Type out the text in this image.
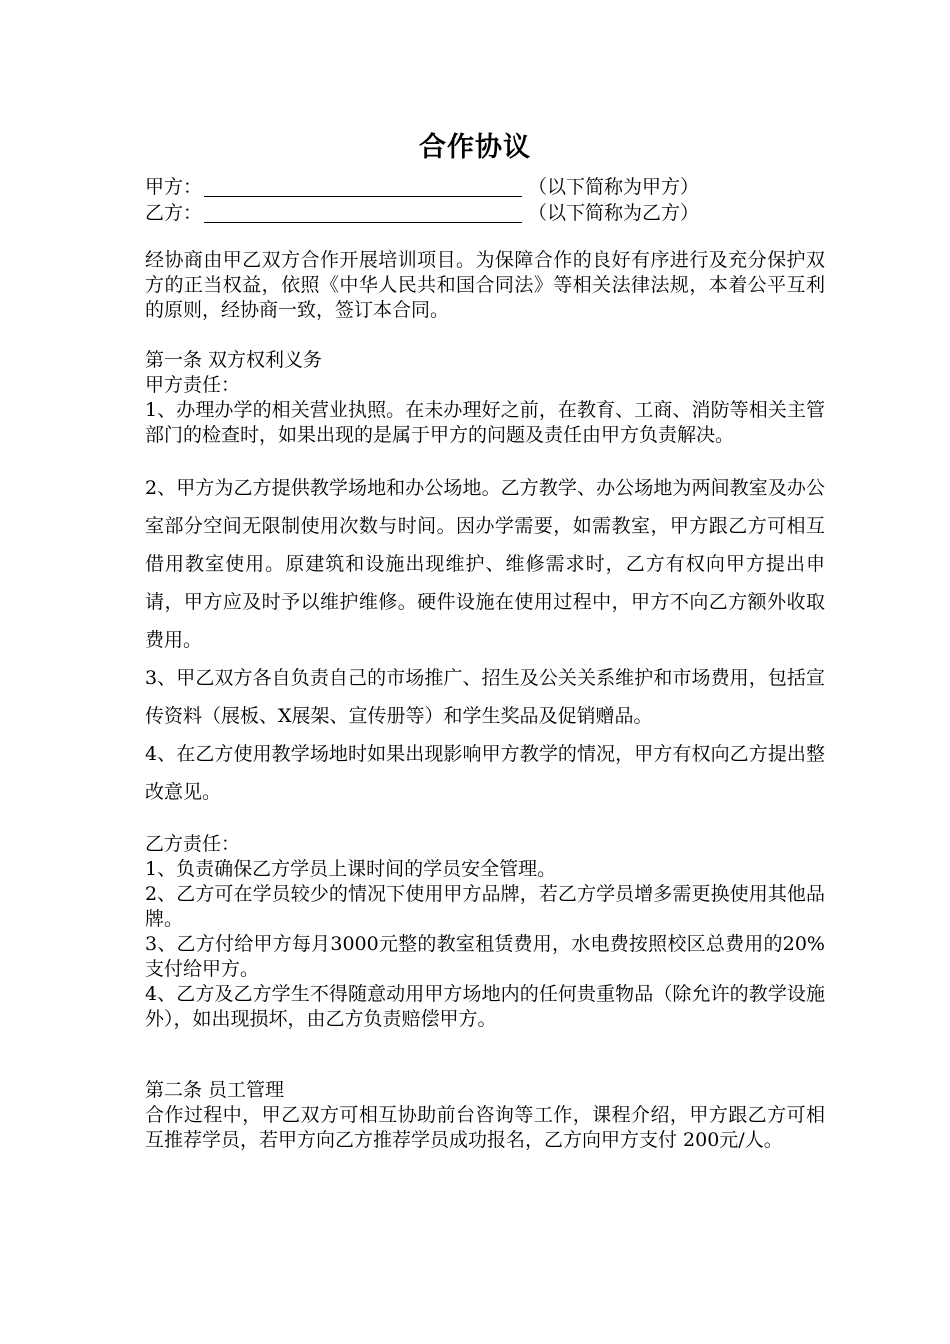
合作协议
甲方：	（以下简称为甲方）
乙方：	（以下简称为乙方）

经协商由甲乙双方合作开展培训项目。为保障合作的良好有序进行及充分保护双方的正当权益，依照《中华人民共和国合同法》等相关法律法规，本着公平互利的原则，经协商一致，签订本合同。

第一条 双方权利义务

甲方责任：

1、办理办学的相关营业执照。在未办理好之前，在教育、工商、消防等相关主管部门的检查时，如果出现的是属于甲方的问题及责任由甲方负责解决。

2、甲方为乙方提供教学场地和办公场地。乙方教学、办公场地为两间教室及办公室部分空间无限制使用次数与时间。因办学需要，如需教室，甲方跟乙方可相互借用教室使用。原建筑和设施出现维护、维修需求时，乙方有权向甲方提出申请，甲方应及时予以维护维修。硬件设施在使用过程中，甲方不向乙方额外收取费用。

3、甲乙双方各自负责自己的市场推广、招生及公关关系维护和市场费用，包括宣传资料（展板、X展架、宣传册等）和学生奖品及促销赠品。

4、在乙方使用教学场地时如果出现影响甲方教学的情况，甲方有权向乙方提出整改意见。

乙方责任：

1、负责确保乙方学员上课时间的学员安全管理。

2、乙方可在学员较少的情况下使用甲方品牌，若乙方学员增多需更换使用其他品牌。

3、乙方付给甲方每月3000元整的教室租赁费用，水电费按照校区总费用的20%支付给甲方。

4、乙方及乙方学生不得随意动用甲方场地内的任何贵重物品（除允许的教学设施外），如出现损坏，由乙方负责赔偿甲方。

第二条 员工管理

合作过程中，甲乙双方可相互协助前台咨询等工作，课程介绍，甲方跟乙方可相互推荐学员，若甲方向乙方推荐学员成功报名，乙方向甲方支付 200元/人。
